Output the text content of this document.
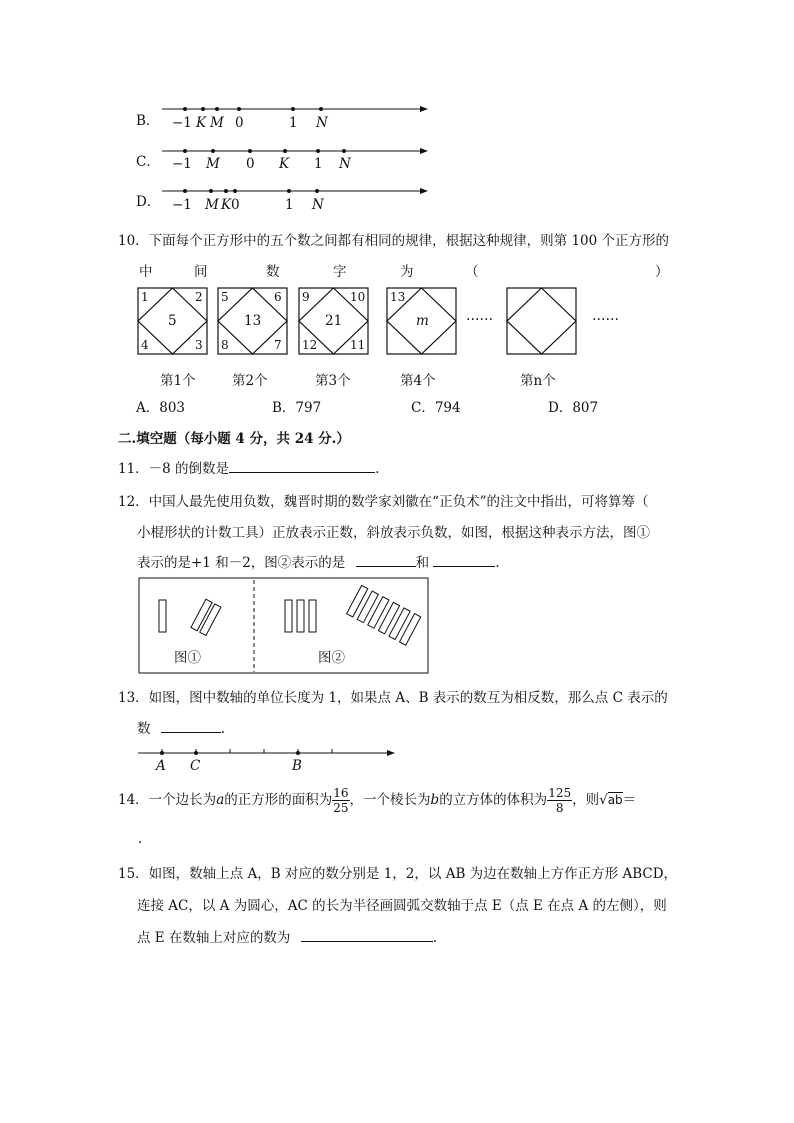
B． −1 K M 0	1 N
C． −1 M 0 K 1 N
D． −1 M K 0	1 N
10．下面每个正方形中的五个数之间都有相同的规律，根据这种规律，则第 100 个正方形的
中	间	数	字	为	（	）
1	2
4	3
5
5	6
8	7
13
9	10
12	11
21
13
m	……	……
第1个	第2个	第3个	第4个	第n个
A．803	B．797	C．794	D．807
二.填空题（每小题 4 分，共 24 分.）
11．－8 的倒数是	.
12．中国人最先使用负数，魏晋时期的数学家刘徽在“正负术”的注文中指出，可将算筹（
小棍形状的计数工具）正放表示正数，斜放表示负数，如图，根据这种表示方法，图①
表示的是+1 和－2，图②表示的是	和	.
图①	图②
13．如图，图中数轴的单位长度为 1，如果点 A、B 表示的数互为相反数，那么点 C 表示的
数	.
A C	B
14．一个边长为a的正方形的面积为 $\frac{16}{25}$ ，一个棱长为b的立方体的体积为 $\frac{125}{8}$ ，则√ab＝
.
15．如图，数轴上点 A，B 对应的数分别是 1，2，以 AB 为边在数轴上方作正方形 ABCD，
连接 AC，以 A 为圆心，AC 的长为半径画圆弧交数轴于点 E（点 E 在点 A 的左侧），则
点 E 在数轴上对应的数为	.
